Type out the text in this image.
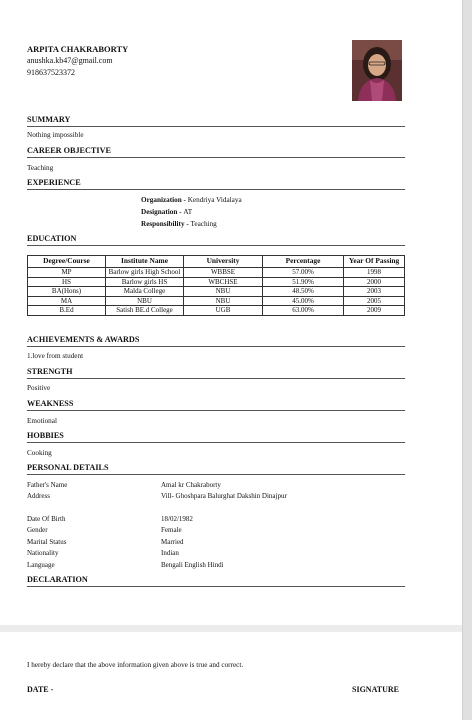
ARPITA CHAKRABORTY
anushka.kb47@gmail.com
918637523372
SUMMARY
Nothing impossible
CAREER OBJECTIVE
Teaching
EXPERIENCE
Organization - Kendriya Vidalaya
Designation - AT
Responsibility - Teaching
EDUCATION
Degree/Course	Institute Name	University	Percentage	Year Of Passing
MP	Barlow girls High School	WBBSE	57.00%	1998
HS	Barlow girls HS	WBCHSE	51.90%	2000
BA(Hons)	Malda College	NBU	48.50%	2003
MA	NBU	NBU	45.00%	2005
B.Ed	Satish BE.d College	UGB	63.00%	2009
ACHIEVEMENTS & AWARDS
1.love from student
STRENGTH
Positive
WEAKNESS
Emotional
HOBBIES
Cooking
PERSONAL DETAILS
Father's Name	Amal kr Chakraborty
Address	Vill- Ghoshpara Balurghat Dakshin Dinajpur
Date Of Birth	18/02/1982
Gender	Female
Marital Status	Married
Nationality	Indian
Language	Bengali English Hindi
DECLARATION
I hereby declare that the above information given above is true and correct.
DATE -	SIGNATURE
